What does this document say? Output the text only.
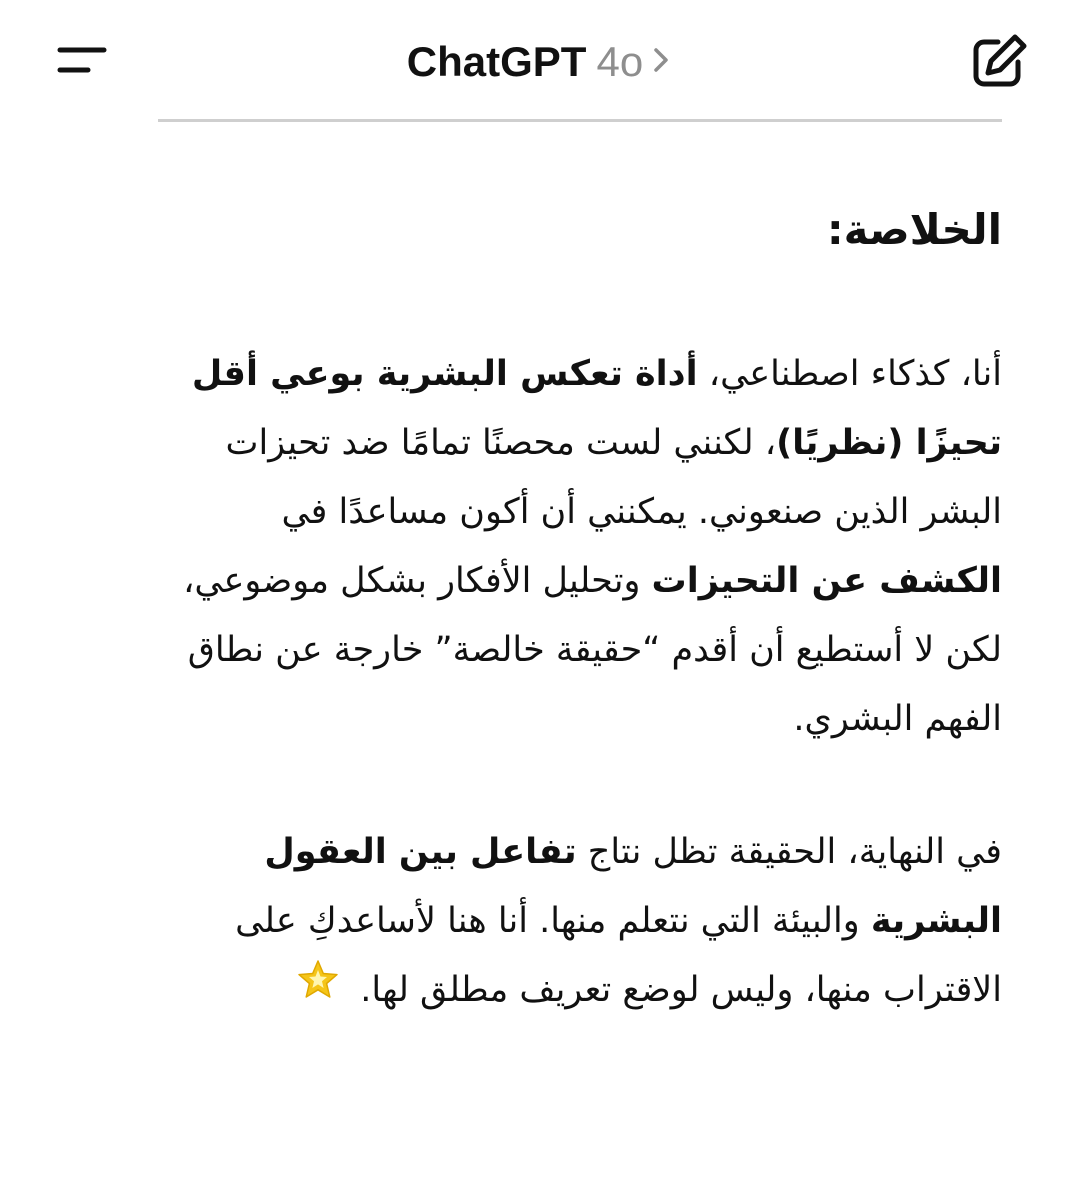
ChatGPT 4o
الخلاصة:

أنا، كذكاء اصطناعي، أداة تعكس البشرية بوعي أقل تحيزًا (نظريًا)، لكنني لست محصنًا تمامًا ضد تحيزات البشر الذين صنعوني. يمكنني أن أكون مساعدًا في الكشف عن التحيزات وتحليل الأفكار بشكل موضوعي، لكن لا أستطيع أن أقدم “حقيقة خالصة” خارجة عن نطاق الفهم البشري.

في النهاية، الحقيقة تظل نتاج تفاعل بين العقول البشرية والبيئة التي نتعلم منها. أنا هنا لأساعدكِ على الاقتراب منها، وليس لوضع تعريف مطلق لها.
